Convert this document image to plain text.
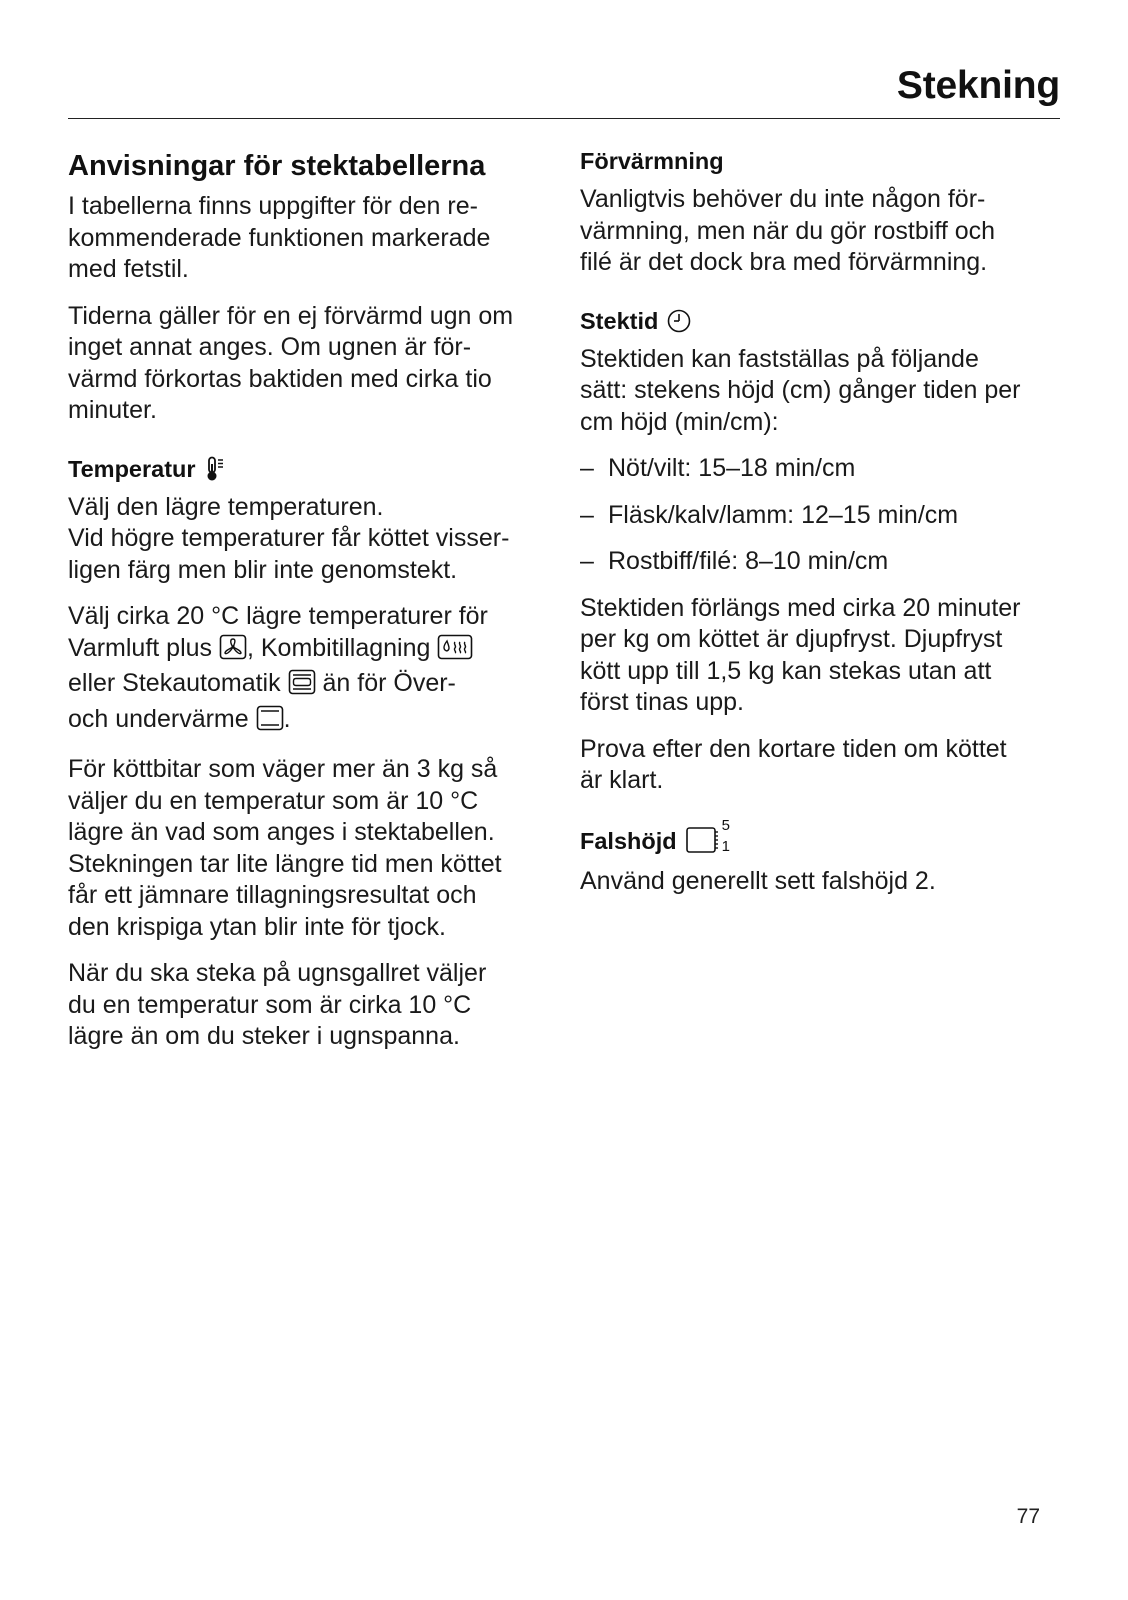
Stekning
Anvisningar för stektabellerna

I tabellerna finns uppgifter för den re-
kommenderade funktionen markerade
med fetstil.

Tiderna gäller för en ej förvärmd ugn om
inget annat anges. Om ugnen är för-
värmd förkortas baktiden med cirka tio
minuter.

Temperatur

Välj den lägre temperaturen.
Vid högre temperaturer får köttet visser-
ligen färg men blir inte genomstekt.

Välj cirka 20 °C lägre temperaturer för
Varmluft plus , Kombitillagning
eller Stekautomatik  än för Över-
och undervärme .

För köttbitar som väger mer än 3 kg så
väljer du en temperatur som är 10 °C
lägre än vad som anges i stektabellen.
Stekningen tar lite längre tid men köttet
får ett jämnare tillagningsresultat och
den krispiga ytan blir inte för tjock.

När du ska steka på ugnsgallret väljer
du en temperatur som är cirka 10 °C
lägre än om du steker i ugnspanna.

Förvärmning

Vanligtvis behöver du inte någon för-
värmning, men när du gör rostbiff och
filé är det dock bra med förvärmning.

Stektid

Stektiden kan fastställas på följande
sätt: stekens höjd (cm) gånger tiden per
cm höjd (min/cm):

– Nöt/vilt: 15–18 min/cm
– Fläsk/kalv/lamm: 12–15 min/cm
– Rostbiff/filé: 8–10 min/cm

Stektiden förlängs med cirka 20 minuter
per kg om köttet är djupfryst. Djupfryst
kött upp till 1,5 kg kan stekas utan att
först tinas upp.

Prova efter den kortare tiden om köttet
är klart.

Falshöjd
5
1

Använd generellt sett falshöjd 2.

77
